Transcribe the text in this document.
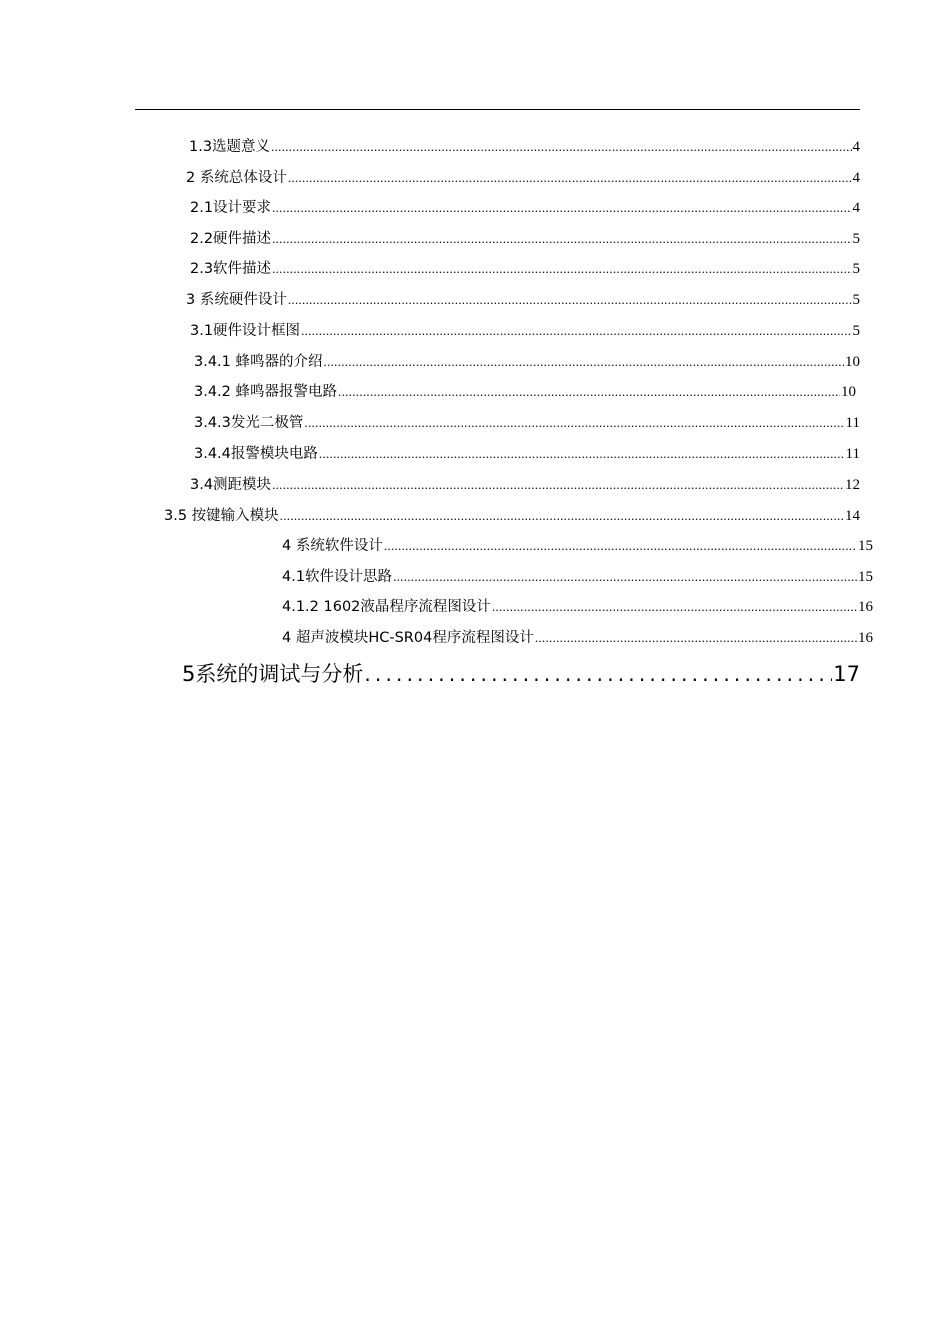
1.3选题意义 .....	4
2 系统总体设计 .....	4
2.1设计要求 .....	4
2.2硬件描述 .....	5
2.3软件描述 .....	5
3 系统硬件设计 .....	5
3.1硬件设计框图 .....	5
3.4.1 蜂鸣器的介绍 .....	10
3.4.2 蜂鸣器报警电路 .....	10
3.4.3发光二极管 .....	11
3.4.4报警模块电路 .....	11
3.4测距模块 .....	12
3.5 按键输入模块 .....	14
4 系统软件设计 .....	15
4.1软件设计思路 .....	15
4.1.2 1602液晶程序流程图设计 .....	16
4 超声波模块HC-SR04程序流程图设计 .....	16
5系统的调试与分析 .....	17
